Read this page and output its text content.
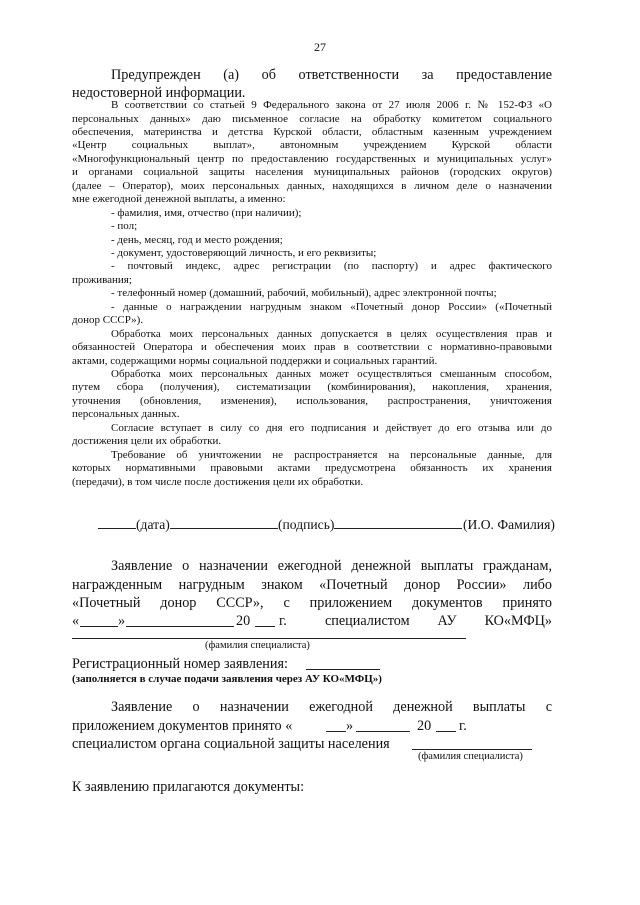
27
Предупрежден (а) об ответственности за предоставление
недостоверной информации.
В соответствии со статьей 9 Федерального закона от 27 июля 2006 г. № 152-ФЗ «О
персональных данных» даю письменное согласие на обработку комитетом социального
обеспечения, материнства и детства Курской области, областным казенным учреждением
«Центр социальных выплат», автономным учреждением Курской области
«Многофункциональный центр по предоставлению государственных и муниципальных услуг»
и органами социальной защиты населения муниципальных районов (городских округов)
(далее – Оператор), моих персональных данных, находящихся в личном деле о назначении
мне ежегодной денежной выплаты, а именно:
- фамилия, имя, отчество (при наличии);
- пол;
- день, месяц, год и место рождения;
- документ, удостоверяющий личность, и его реквизиты;
- почтовый индекс, адрес регистрации (по паспорту) и адрес фактического
проживания;
- телефонный номер (домашний, рабочий, мобильный), адрес электронной почты;
- данные о награждении нагрудным знаком «Почетный донор России» («Почетный
донор СССР»).
Обработка моих персональных данных допускается в целях осуществления прав и
обязанностей Оператора и обеспечения моих прав в соответствии с нормативно-правовыми
актами, содержащими нормы социальной поддержки и социальных гарантий.
Обработка моих персональных данных может осуществляться смешанным способом,
путем сбора (получения), систематизации (комбинирования), накопления, хранения,
уточнения (обновления, изменения), использования, распространения, уничтожения
персональных данных.
Согласие вступает в силу со дня его подписания и действует до его отзыва или до
достижения цели их обработки.
Требование об уничтожении не распространяется на персональные данные, для
которых нормативными правовыми актами предусмотрена обязанность их хранения
(передачи), в том числе после достижения цели их обработки.
(дата)	(подпись)	(И.О. Фамилия)
Заявление о назначении ежегодной денежной выплаты гражданам,
награжденным нагрудным знаком «Почетный донор России» либо
«Почетный донор СССР», с приложением документов принято
«	»	20 г.	специалистом АУ КО«МФЦ»
(фамилия специалиста)
Регистрационный номер заявления:
(заполняется в случае подачи заявления через АУ КО«МФЦ»)
Заявление о назначении ежегодной денежной выплаты с
приложением документов принято «	»	20 г.
специалистом органа социальной защиты населения
(фамилия специалиста)
К заявлению прилагаются документы:
